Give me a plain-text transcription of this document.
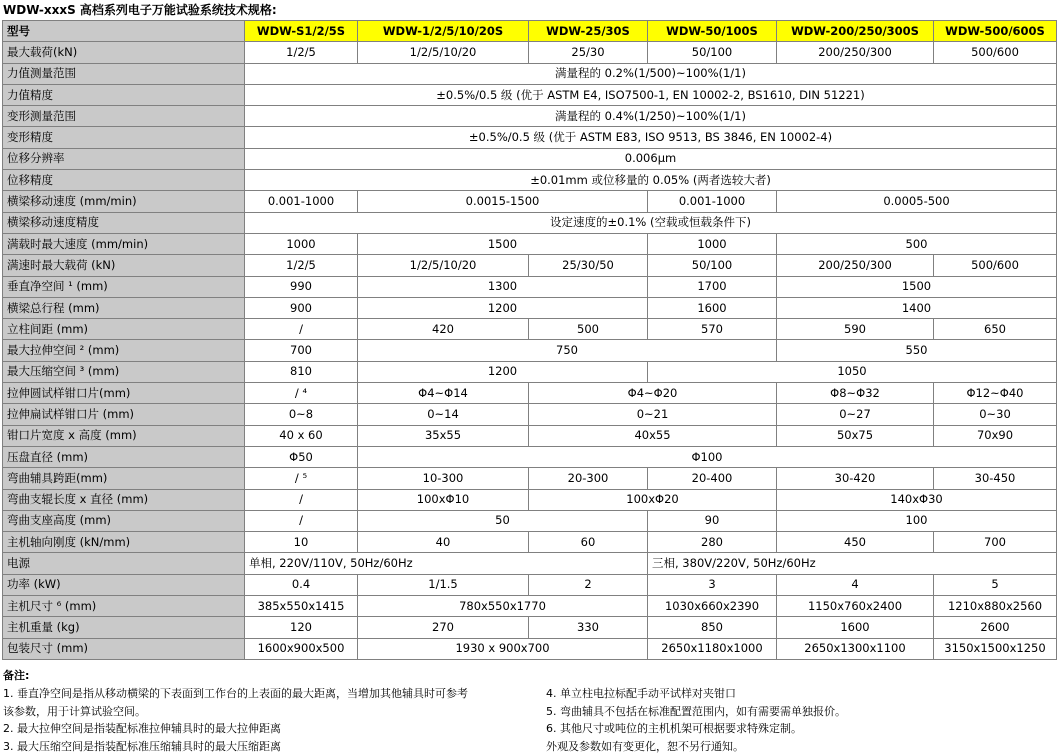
WDW-xxxS 高档系列电子万能试验系统技术规格:
型号	WDW-S1/2/5S	WDW-1/2/5/10/20S	WDW-25/30S	WDW-50/100S	WDW-200/250/300S	WDW-500/600S
最大载荷(kN)	1/2/5	1/2/5/10/20	25/30	50/100	200/250/300	500/600
力值测量范围	满量程的 0.2%(1/500)~100%(1/1)					
力值精度	±0.5%/0.5 级 (优于 ASTM E4, ISO7500-1, EN 10002-2, BS1610, DIN 51221)					
变形测量范围	满量程的 0.4%(1/250)~100%(1/1)					
变形精度	±0.5%/0.5 级 (优于 ASTM E83, ISO 9513, BS 3846, EN 10002-4)					
位移分辨率	0.006μm					
位移精度	±0.01mm 或位移量的 0.05% (两者选较大者)					
横梁移动速度 (mm/min)	0.001-1000	0.0015-1500		0.001-1000	0.0005-500	
横梁移动速度精度	设定速度的±0.1% (空载或恒载条件下)					
满载时最大速度 (mm/min)	1000	1500		1000	500	
满速时最大载荷 (kN)	1/2/5	1/2/5/10/20	25/30/50	50/100	200/250/300	500/600
垂直净空间 ¹ (mm)	990	1300		1700	1500	
横梁总行程 (mm)	900	1200		1600	1400	
立柱间距 (mm)	/	420	500	570	590	650
最大拉伸空间 ² (mm)	700	750			550	
最大压缩空间 ³ (mm)	810	1200		1050		
拉伸圆试样钳口片(mm)	/ ⁴	Φ4~Φ14	Φ4~Φ20		Φ8~Φ32	Φ12~Φ40
拉伸扁试样钳口片 (mm)	0~8	0~14	0~21		0~27	0~30
钳口片宽度 x 高度 (mm)	40 x 60	35x55	40x55		50x75	70x90
压盘直径 (mm)	Φ50	Φ100				
弯曲辅具跨距(mm)	/ ⁵	10-300	20-300	20-400	30-420	30-450
弯曲支辊长度 x 直径 (mm)	/	100xΦ10	100xΦ20		140xΦ30	
弯曲支座高度 (mm)	/	50		90	100	
主机轴向刚度 (kN/mm)	10	40	60	280	450	700
电源	单相, 220V/110V, 50Hz/60Hz			三相, 380V/220V, 50Hz/60Hz		
功率 (kW)	0.4	1/1.5	2	3	4	5
主机尺寸 ⁶ (mm)	385x550x1415	780x550x1770		1030x660x2390	1150x760x2400	1210x880x2560
主机重量 (kg)	120	270	330	850	1600	2600
包装尺寸 (mm)	1600x900x500	1930 x 900x700		2650x1180x1000	2650x1300x1100	3150x1500x1250
备注:
1. 垂直净空间是指从移动横梁的下表面到工作台的上表面的最大距离，当增加其他辅具时可参考
该参数，用于计算试验空间。
2. 最大拉伸空间是指装配标准拉伸辅具时的最大拉伸距离
3. 最大压缩空间是指装配标准压缩辅具时的最大压缩距离
4. 单立柱电拉标配手动平试样对夹钳口
5. 弯曲辅具不包括在标准配置范围内，如有需要需单独报价。
6. 其他尺寸或吨位的主机机架可根据要求特殊定制。
外观及参数如有变更化，恕不另行通知。
